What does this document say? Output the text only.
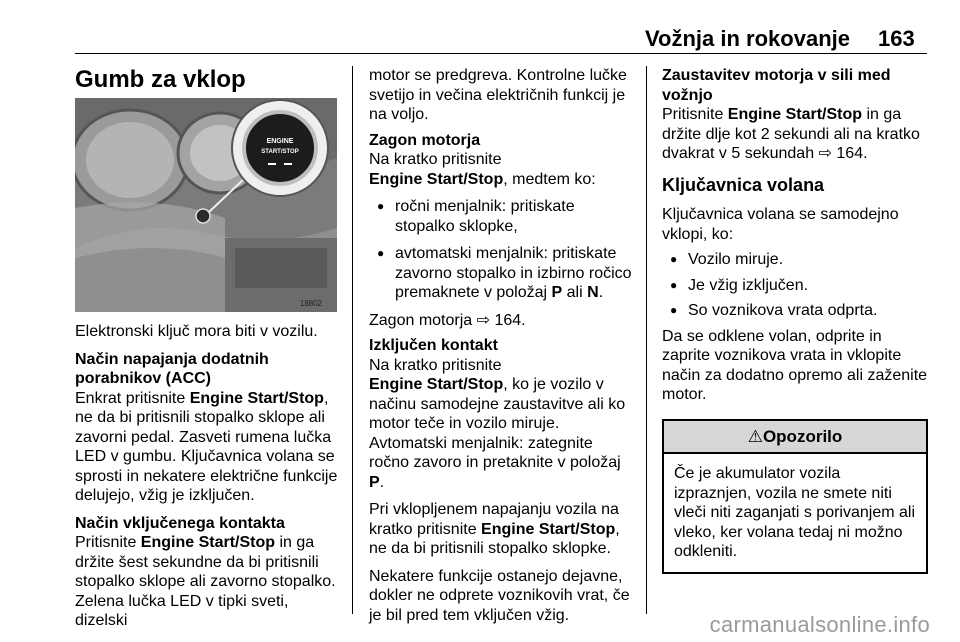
Vožnja in rokovanje 163
Gumb za vklop
ENGINE
START/STOP
18802

Elektronski ključ mora biti v vozilu.

Način napajanja dodatnih porabnikov (ACC)

Enkrat pritisnite Engine Start/Stop, ne da bi pritisnili stopalko sklope ali zavorni pedal. Zasveti rumena lučka LED v gumbu. Ključavnica volana se sprosti in nekatere električne funkcije delujejo, vžig je izključen.

Način vključenega kontakta

Pritisnite Engine Start/Stop in ga držite šest sekundne da bi pritisnili stopalko sklope ali zavorno stopalko. Zelena lučka LED v tipki sveti, dizelski

motor se predgreva. Kontrolne lučke svetijo in večina električnih funkcij je na voljo.

Zagon motorja

Na kratko pritisnite

Engine Start/Stop, medtem ko:

● ročni menjalnik: pritiskate stopalko sklopke,
● avtomatski menjalnik: pritiskate zavorno stopalko in izbirno ročico premaknete v položaj P ali N.

Zagon motorja ⇨ 164.

Izključen kontakt

Na kratko pritisnite

Engine Start/Stop, ko je vozilo v načinu samodejne zaustavitve ali ko motor teče in vozilo miruje.

Avtomatski menjalnik: zategnite ročno zavoro in pretaknite v položaj P.

Pri vklopljenem napajanju vozila na kratko pritisnite Engine Start/Stop, ne da bi pritisnili stopalko sklopke.

Nekatere funkcije ostanejo dejavne, dokler ne odprete voznikovih vrat, če je bil pred tem vključen vžig.

Zaustavitev motorja v sili med vožnjo

Pritisnite Engine Start/Stop in ga držite dlje kot 2 sekundi ali na kratko dvakrat v 5 sekundah ⇨ 164.

Ključavnica volana

Ključavnica volana se samodejno vklopi, ko:

● Vozilo miruje.
● Je vžig izključen.
● So voznikova vrata odprta.

Da se odklene volan, odprite in zaprite voznikova vrata in vklopite način za dodatno opremo ali zaženite motor.

⚠Opozorilo
Če je akumulator vozila izpraznjen, vozila ne smete niti vleči niti zaganjati s porivanjem ali vleko, ker volana tedaj ni možno odkleniti.
carmanualsonline.info
